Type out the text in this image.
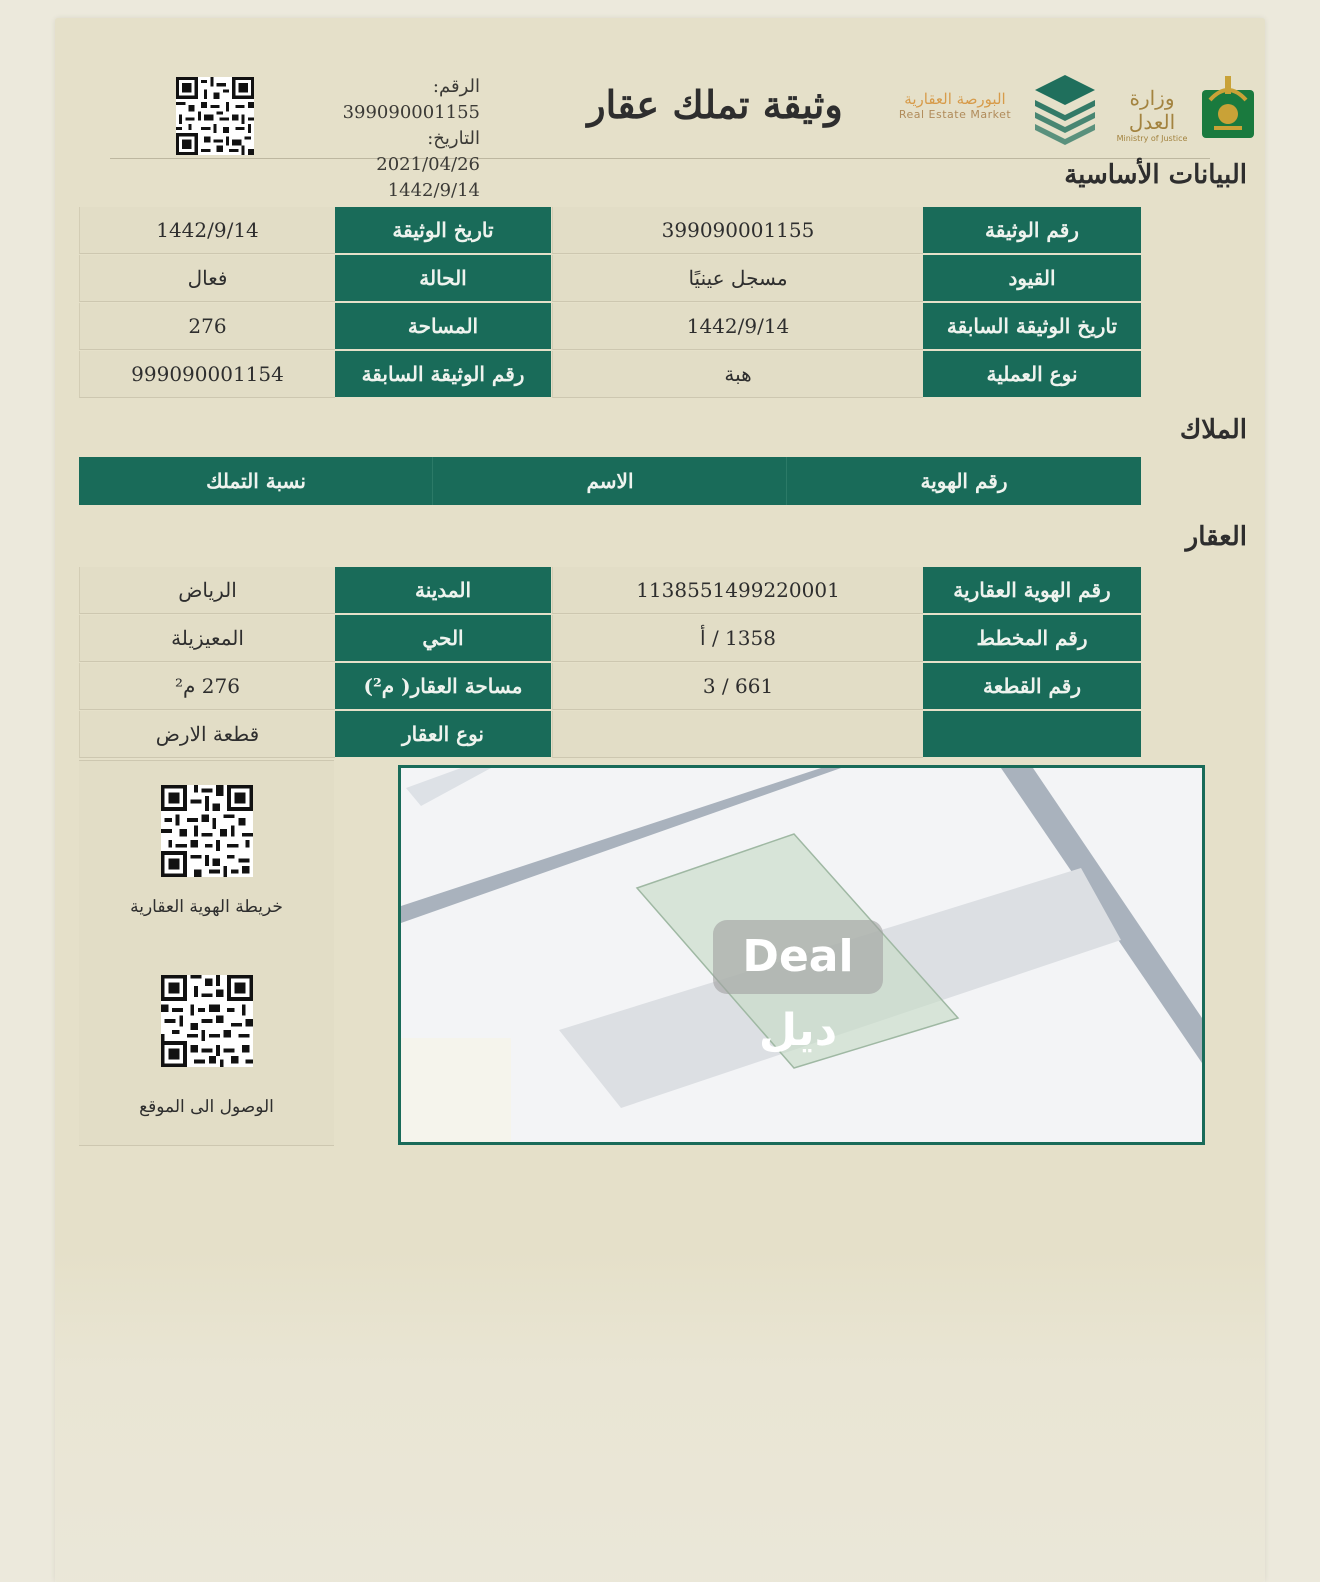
الرقم: 399090001155
التاريخ: 2021/04/26
1442/9/14
وثيقة تملك عقار	البورصة العقارية
Real Estate Market
وزارة العدل
Ministry of Justice
البيانات الأساسية
رقم الوثيقة
399090001155
تاريخ الوثيقة
1442/9/14
القيود
مسجل عينيًا
الحالة
فعال
تاريخ الوثيقة السابقة
1442/9/14
المساحة
276
نوع العملية
هبة
رقم الوثيقة السابقة
999090001154
الملاك
رقم الهوية
الاسم
نسبة التملك
العقار
رقم الهوية العقارية
1138551499220001
المدينة
الرياض
رقم المخطط
1358 / أ
الحي
المعيزيلة
رقم القطعة
661 / 3
مساحة العقار( م²)
276 م²
نوع العقار
قطعة الارض
خريطة الهوية العقارية
الوصول الى الموقع
Deal دیل
